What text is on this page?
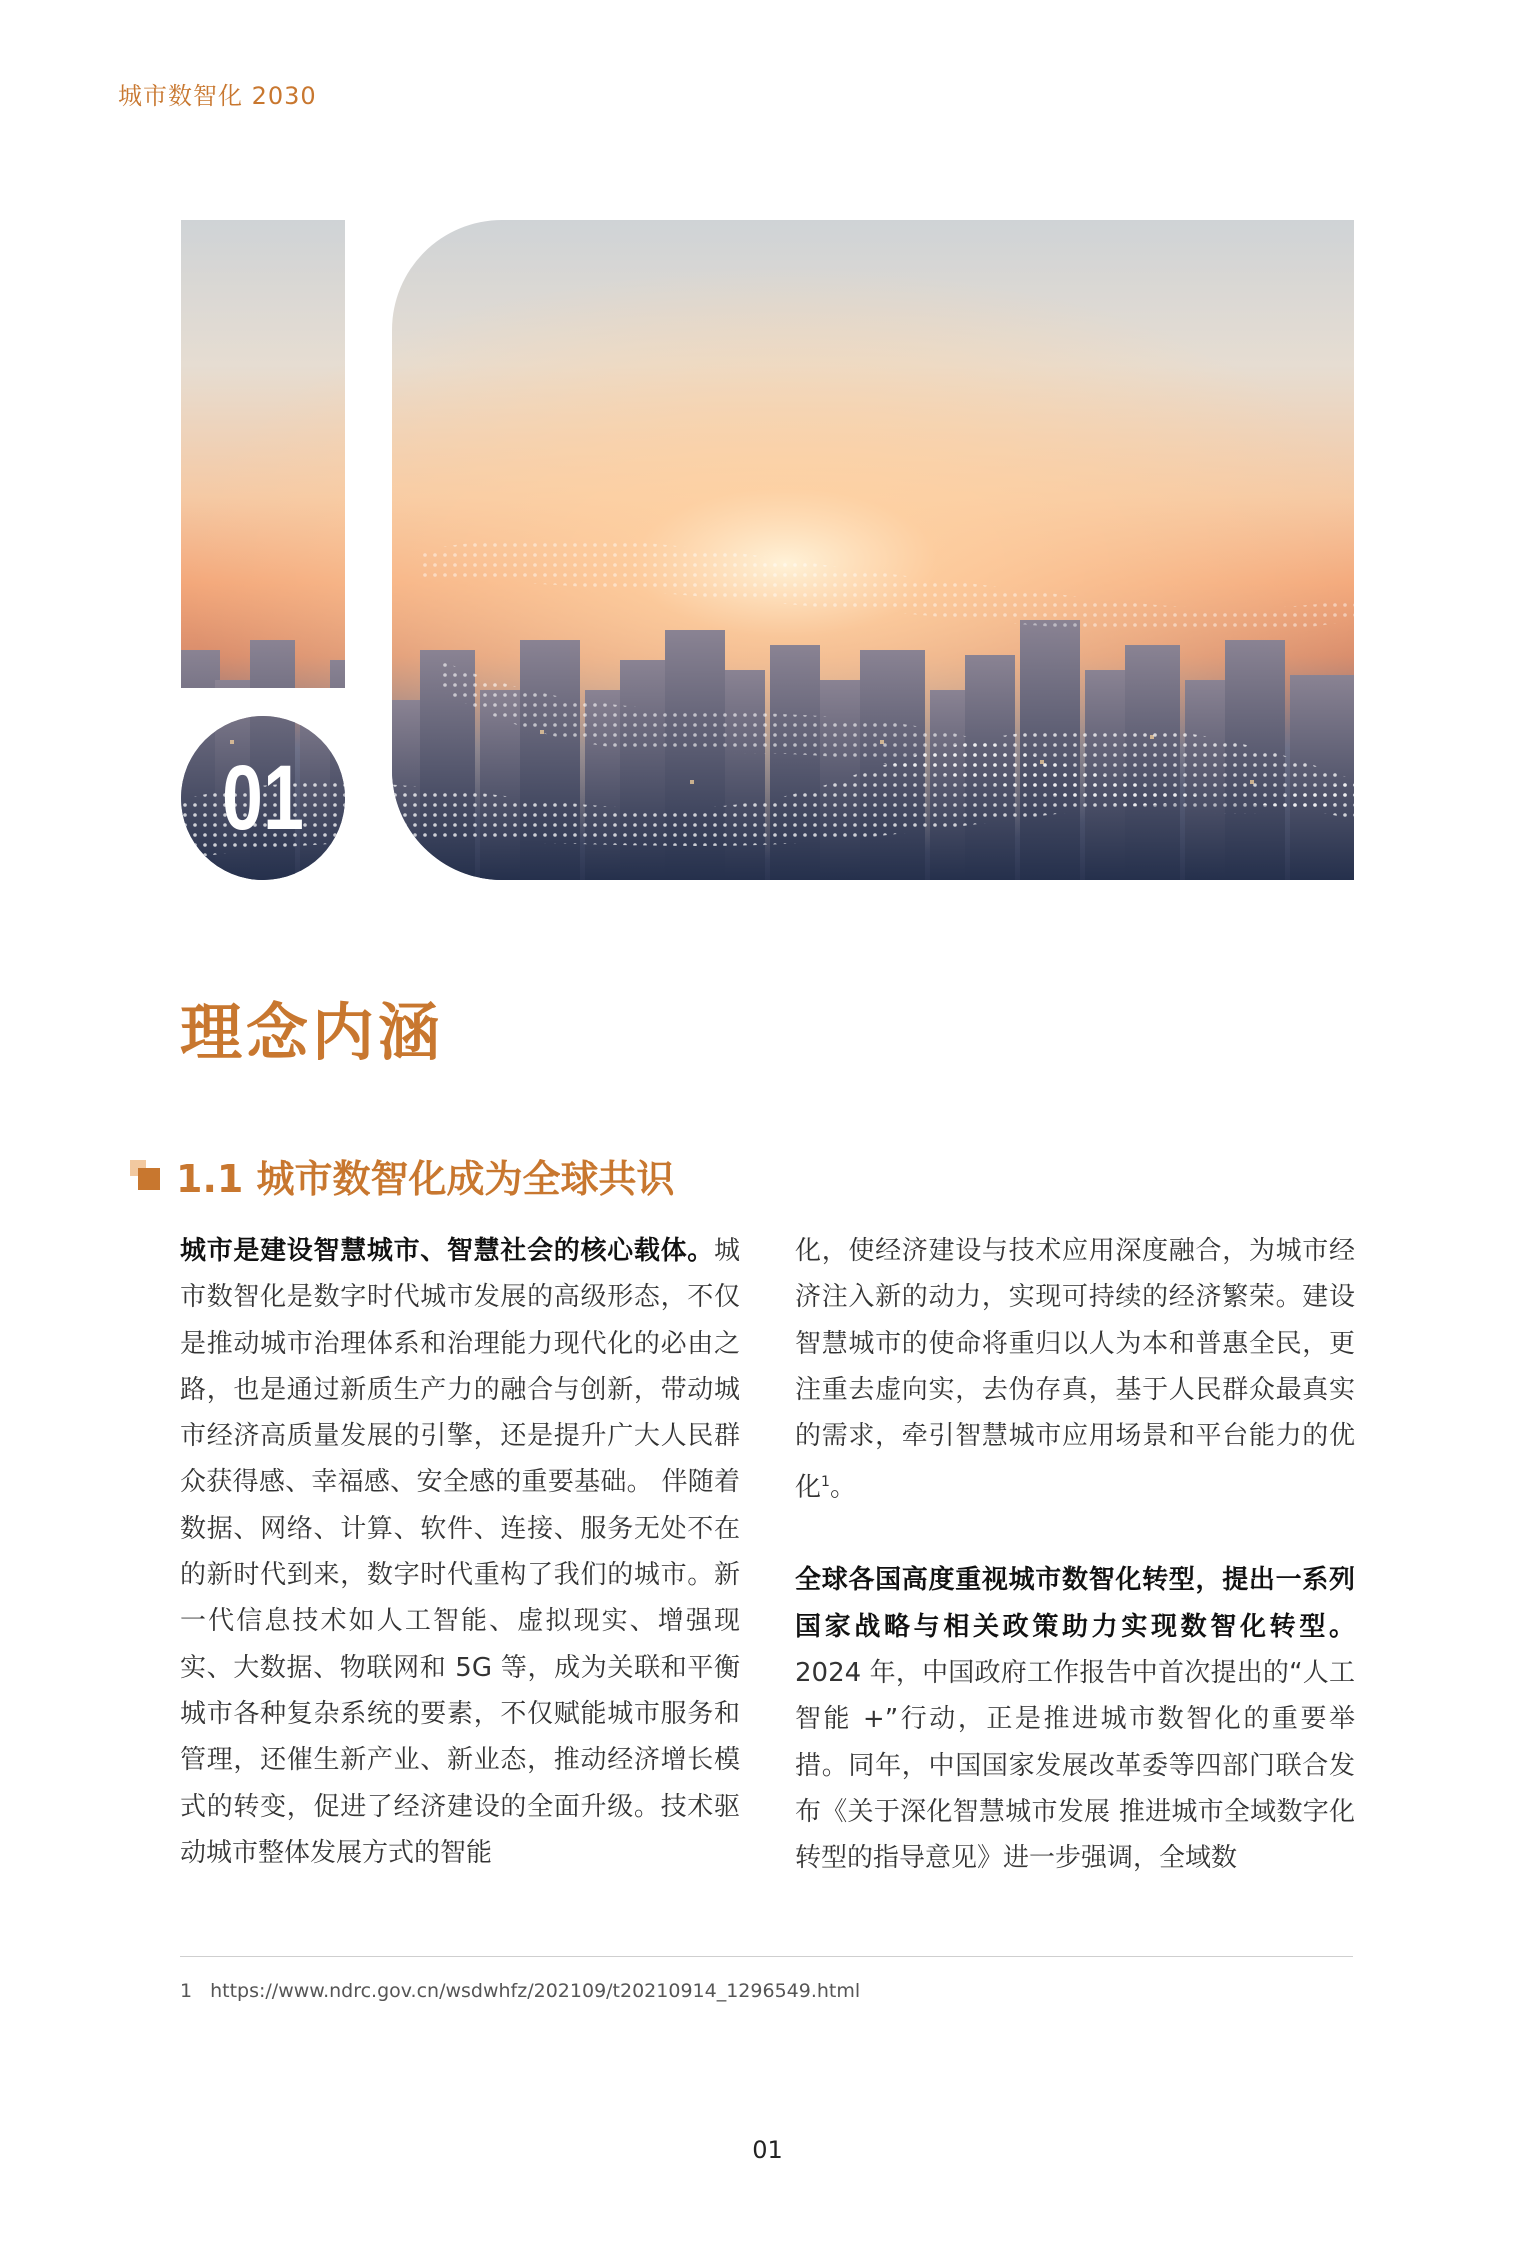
城市数智化 2030
01
理念内涵
1.1 城市数智化成为全球共识

城市是建设智慧城市、智慧社会的核心载体。城市数智化是数字时代城市发展的高级形态，不仅是推动城市治理体系和治理能力现代化的必由之路，也是通过新质生产力的融合与创新，带动城市经济高质量发展的引擎，还是提升广大人民群众获得感、幸福感、安全感的重要基础。 伴随着数据、网络、计算、软件、连接、服务无处不在的新时代到来，数字时代重构了我们的城市。新一代信息技术如人工智能、虚拟现实、增强现实、大数据、物联网和 5G 等，成为关联和平衡城市各种复杂系统的要素，不仅赋能城市服务和管理，还催生新产业、新业态，推动经济增长模式的转变，促进了经济建设的全面升级。技术驱动城市整体发展方式的智能

化，使经济建设与技术应用深度融合，为城市经济注入新的动力，实现可持续的经济繁荣。建设智慧城市的使命将重归以人为本和普惠全民，更注重去虚向实，去伪存真，基于人民群众最真实的需求，牵引智慧城市应用场景和平台能力的优化$^1$。

全球各国高度重视城市数智化转型，提出一系列国家战略与相关政策助力实现数智化转型。2024 年，中国政府工作报告中首次提出的“人工智能 +”行动，正是推进城市数智化的重要举措。同年，中国国家发展改革委等四部门联合发布《关于深化智慧城市发展 推进城市全域数字化转型的指导意见》进一步强调，全域数

1 https://www.ndrc.gov.cn/wsdwhfz/202109/t20210914_1296549.html
01
